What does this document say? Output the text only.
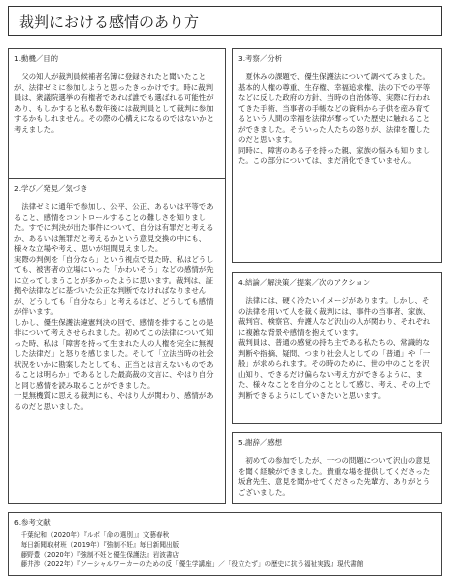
裁判における感情のあり方
1.動機／目的

父の知人が裁判員候補者名簿に登録されたと聞いたことが、法律ゼミに参加しようと思ったきっかけです。時に裁判員は、衆議院選挙の有権者であれば誰でも選ばれる可能性があり、もしかすると私も数年後には裁判員として裁判に参加するかもしれません。その際の心構えになるのではないかと考えました。

2.学び／発見／気づき

法律ゼミに通年で参加し、公平、公正、あるいは平等であること、感情をコントロールすることの難しさを知りました。すでに判決が出た事件について、自分は有罪だと考えるか、あるいは無罪だと考えるかという意見交換の中にも、様々な立場や考え、思いが垣間見えました。
実際の判例を「自分なら」という視点で見た時、私はどうしても、被害者の立場にいった「かわいそう」などの感情が先に立ってしまうことが多かったように思います。裁判は、証拠や法律などに基づいた公正な判断でなければなりませんが、どうしても「自分なら」と考えるほど、どうしても感情が伴います。
しかし、優生保護法違憲判決の回で、感情を排することの是非について考えさせられました。初めてこの法律について知った時、私は「障害を持って生まれた人の人権を完全に無視した法律だ」と怒りを感じました。そして「立法当時の社会状況をいかに勘案したとしても、正当とは言えないものであることは明らか」であるとした最高裁の文言に、やはり自分と同じ感情を読み取ることができました。
一見無機質に思える裁判にも、やはり人が関わり、感情があるのだと思いました。

3.考察／分析

夏休みの課題で、優生保護法について調べてみました。基本的人権の尊重、生存権、幸福追求権、法の下での平等などに反した政府の方針、当時の自治体等、実際に行われてきた手術、当事者の手帳などの資料から子供を産み育てるという人間の幸福を法律が奪っていた歴史に触れることができました。そういった人たちの怒りが、法律を覆したのだと思います。
同時に、障害のある子を持った親、家族の悩みも知りました。この部分については、まだ消化できていません。

4.結論／解決策／提案／次のアクション

法律には、硬く冷たいイメージがあります。しかし、その法律を用いて人を裁く裁判には、事件の当事者、家族、裁判官、検察官、弁護人など沢山の人が関わり、それぞれに複雑な背景や感情を抱えています。
裁判員は、普通の感覚の持ち主である私たちの、常識的な判断や指摘、疑問、つまり社会人としての「普通」や「一般」が求められます。その時のために、世の中のことを沢山知り、できるだけ偏らない考え方ができるように、また、様々なことを自分のこととして感じ、考え、その上で判断できるようにしていきたいと思います。

5.謝辞／感想

初めての参加でしたが、一つの問題について沢山の意見を聞く経験ができました。貴重な場を提供してくださった坂倉先生、意見を聞かせてくださった先輩方、ありがとうございました。

6.参考文献

千葉紀和（2020年）『ルポ「命の選別」』文藝春秋

毎日新聞取材班（2019年）『強制不妊』毎日新聞出版

藤野豊（2020年）『強制不妊と優生保護法』岩波書店

藤井渉（2022年）『ソーシャルワーカーのための反「優生学講座」／「役立たず」の歴史に抗う福祉実践』現代書館
